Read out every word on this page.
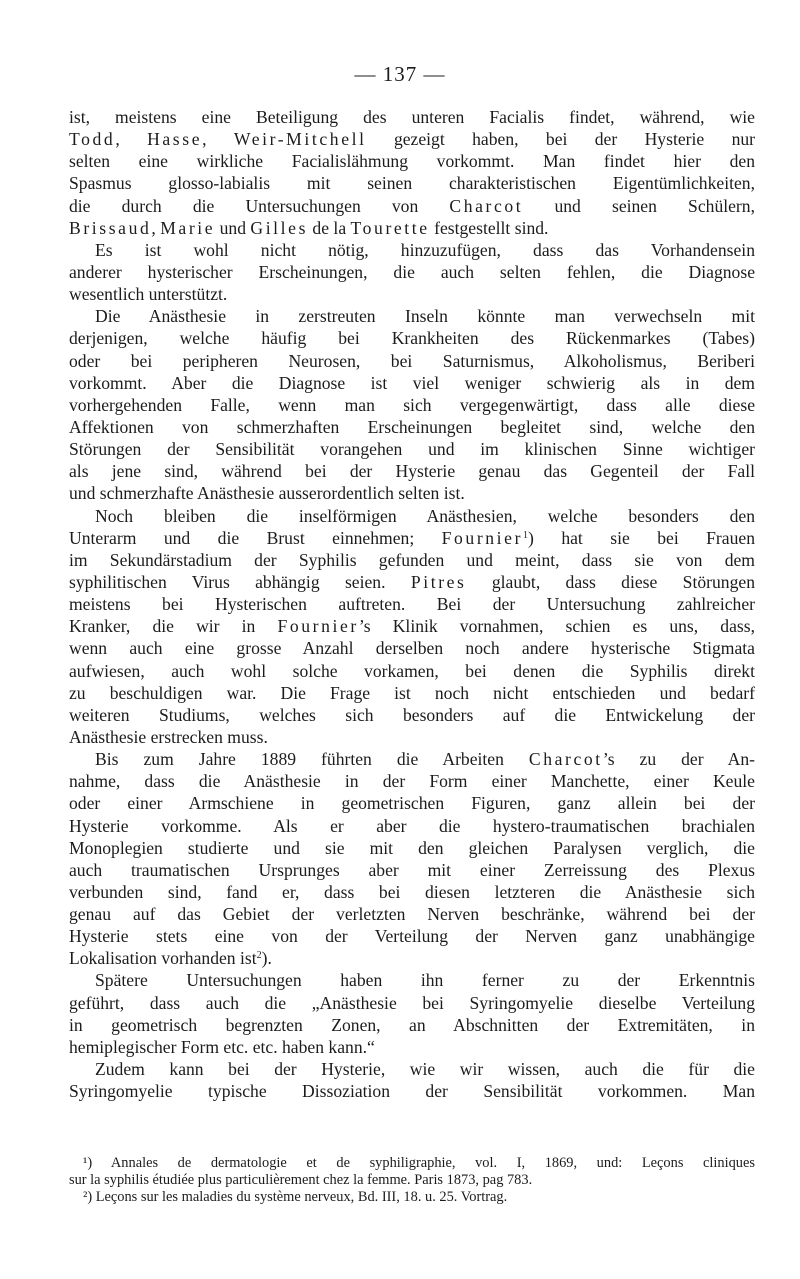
— 137 —
ist, meistens eine Beteiligung des unteren Facialis findet, während, wie
Todd, Hasse, Weir-Mitchell gezeigt haben, bei der Hysterie nur
selten eine wirkliche Facialislähmung vorkommt. Man findet hier den
Spasmus glosso-labialis mit seinen charakteristischen Eigentümlichkeiten,
die durch die Untersuchungen von Charcot und seinen Schülern,
Brissaud, Marie und Gilles de la Tourette festgestellt sind.
Es ist wohl nicht nötig, hinzuzufügen, dass das Vorhandensein
anderer hysterischer Erscheinungen, die auch selten fehlen, die Diagnose
wesentlich unterstützt.
Die Anästhesie in zerstreuten Inseln könnte man verwechseln mit
derjenigen, welche häufig bei Krankheiten des Rückenmarkes (Tabes)
oder bei peripheren Neurosen, bei Saturnismus, Alkoholismus, Beriberi
vorkommt. Aber die Diagnose ist viel weniger schwierig als in dem
vorhergehenden Falle, wenn man sich vergegenwärtigt, dass alle diese
Affektionen von schmerzhaften Erscheinungen begleitet sind, welche den
Störungen der Sensibilität vorangehen und im klinischen Sinne wichtiger
als jene sind, während bei der Hysterie genau das Gegenteil der Fall
und schmerzhafte Anästhesie ausserordentlich selten ist.
Noch bleiben die inselförmigen Anästhesien, welche besonders den
Unterarm und die Brust einnehmen; Fournier$^1$) hat sie bei Frauen
im Sekundärstadium der Syphilis gefunden und meint, dass sie von dem
syphilitischen Virus abhängig seien. Pitres glaubt, dass diese Störungen
meistens bei Hysterischen auftreten. Bei der Untersuchung zahlreicher
Kranker, die wir in Fournier’s Klinik vornahmen, schien es uns, dass,
wenn auch eine grosse Anzahl derselben noch andere hysterische Stigmata
aufwiesen, auch wohl solche vorkamen, bei denen die Syphilis direkt
zu beschuldigen war. Die Frage ist noch nicht entschieden und bedarf
weiteren Studiums, welches sich besonders auf die Entwickelung der
Anästhesie erstrecken muss.
Bis zum Jahre 1889 führten die Arbeiten Charcot’s zu der An-
nahme, dass die Anästhesie in der Form einer Manchette, einer Keule
oder einer Armschiene in geometrischen Figuren, ganz allein bei der
Hysterie vorkomme. Als er aber die hystero-traumatischen brachialen
Monoplegien studierte und sie mit den gleichen Paralysen verglich, die
auch traumatischen Ursprunges aber mit einer Zerreissung des Plexus
verbunden sind, fand er, dass bei diesen letzteren die Anästhesie sich
genau auf das Gebiet der verletzten Nerven beschränke, während bei der
Hysterie stets eine von der Verteilung der Nerven ganz unabhängige
Lokalisation vorhanden ist$^2$).
Spätere Untersuchungen haben ihn ferner zu der Erkenntnis
geführt, dass auch die „Anästhesie bei Syringomyelie dieselbe Verteilung
in geometrisch begrenzten Zonen, an Abschnitten der Extremitäten, in
hemiplegischer Form etc. etc. haben kann.“
Zudem kann bei der Hysterie, wie wir wissen, auch die für die
Syringomyelie typische Dissoziation der Sensibilität vorkommen. Man
¹) Annales de dermatologie et de syphiligraphie, vol. I, 1869, und: Leçons cliniques
sur la syphilis étudiée plus particulièrement chez la femme. Paris 1873, pag 783.
²) Leçons sur les maladies du système nerveux, Bd. III, 18. u. 25. Vortrag.
